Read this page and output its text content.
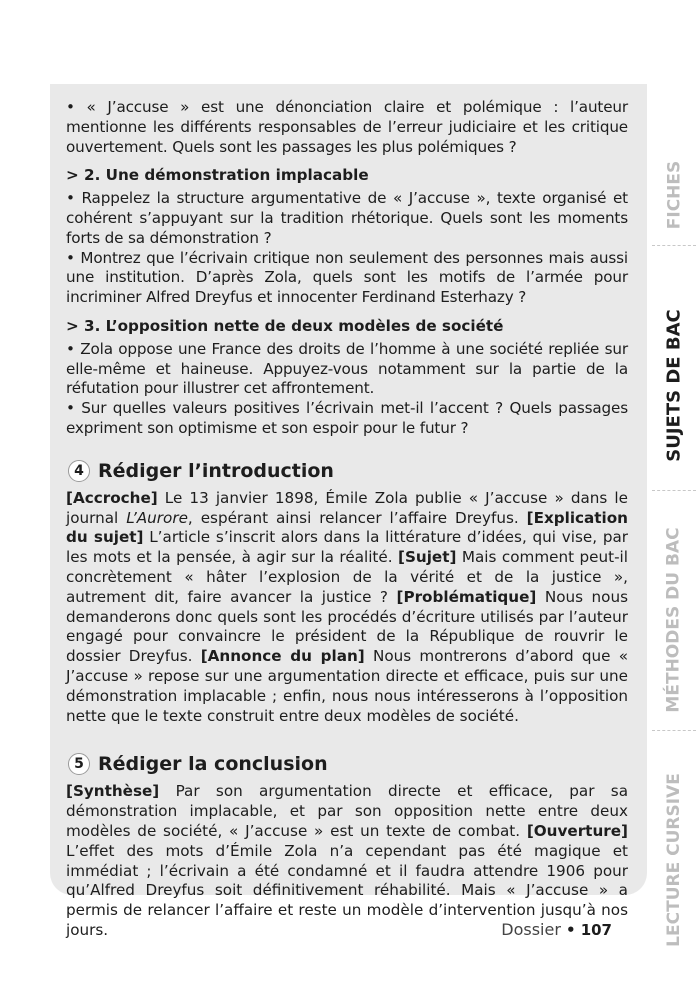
• « J’accuse » est une dénonciation claire et polémique : l’auteur mentionne les différents responsables de l’erreur judiciaire et les critique ouvertement. Quels sont les passages les plus polémiques ?

> 2. Une démonstration implacable

• Rappelez la structure argumentative de « J’accuse », texte organisé et cohérent s’appuyant sur la tradition rhétorique. Quels sont les moments forts de sa démonstration ?

• Montrez que l’écrivain critique non seulement des personnes mais aussi une institution. D’après Zola, quels sont les motifs de l’armée pour incriminer Alfred Dreyfus et innocenter Ferdinand Esterhazy ?

> 3. L’opposition nette de deux modèles de société

• Zola oppose une France des droits de l’homme à une société repliée sur elle-même et haineuse. Appuyez-vous notamment sur la partie de la réfutation pour illustrer cet affrontement.

• Sur quelles valeurs positives l’écrivain met-il l’accent ? Quels passages expriment son optimisme et son espoir pour le futur ?

4 Rédiger l’introduction

[Accroche] Le 13 janvier 1898, Émile Zola publie « J’accuse » dans le journal L’Aurore, espérant ainsi relancer l’affaire Dreyfus. [Explication du sujet] L’article s’inscrit alors dans la littérature d’idées, qui vise, par les mots et la pensée, à agir sur la réalité. [Sujet] Mais comment peut-il concrètement « hâter l’explosion de la vérité et de la justice », autrement dit, faire avancer la justice ? [Problématique] Nous nous demanderons donc quels sont les procédés d’écriture utilisés par l’auteur engagé pour convaincre le président de la République de rouvrir le dossier Dreyfus. [Annonce du plan] Nous montrerons d’abord que « J’accuse » repose sur une argumentation directe et efficace, puis sur une démonstration implacable ; enfin, nous nous intéresserons à l’opposition nette que le texte construit entre deux modèles de société.

5 Rédiger la conclusion

[Synthèse] Par son argumentation directe et efficace, par sa démonstration implacable, et par son opposition nette entre deux modèles de société, « J’accuse » est un texte de combat. [Ouverture] L’effet des mots d’Émile Zola n’a cependant pas été magique et immédiat ; l’écrivain a été condamné et il faudra attendre 1906 pour qu’Alfred Dreyfus soit définitivement réhabilité. Mais « J’accuse » a permis de relancer l’affaire et reste un modèle d’intervention jusqu’à nos jours.	Dossier • 107
FICHES
SUJETS DE BAC
MÉTHODES DU BAC
LECTURE CURSIVE
